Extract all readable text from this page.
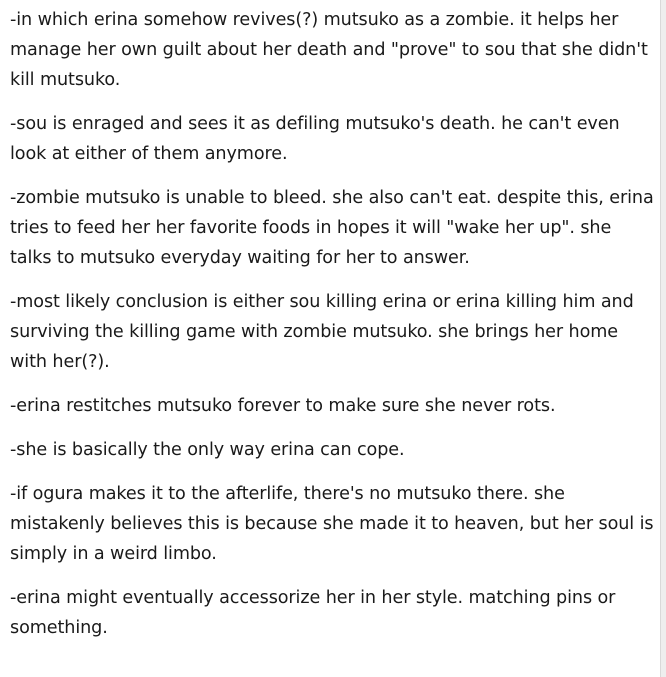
-in which erina somehow revives(?) mutsuko as a zombie. it helps her manage her own guilt about her death and "prove" to sou that she didn't kill mutsuko.

-sou is enraged and sees it as defiling mutsuko's death. he can't even look at either of them anymore.

-zombie mutsuko is unable to bleed. she also can't eat. despite this, erina tries to feed her her favorite foods in hopes it will "wake her up". she talks to mutsuko everyday waiting for her to answer.

-most likely conclusion is either sou killing erina or erina killing him and surviving the killing game with zombie mutsuko. she brings her home with her(?).

-erina restitches mutsuko forever to make sure she never rots.

-she is basically the only way erina can cope.

-if ogura makes it to the afterlife, there's no mutsuko there. she mistakenly believes this is because she made it to heaven, but her soul is simply in a weird limbo.

-erina might eventually accessorize her in her style. matching pins or something.
